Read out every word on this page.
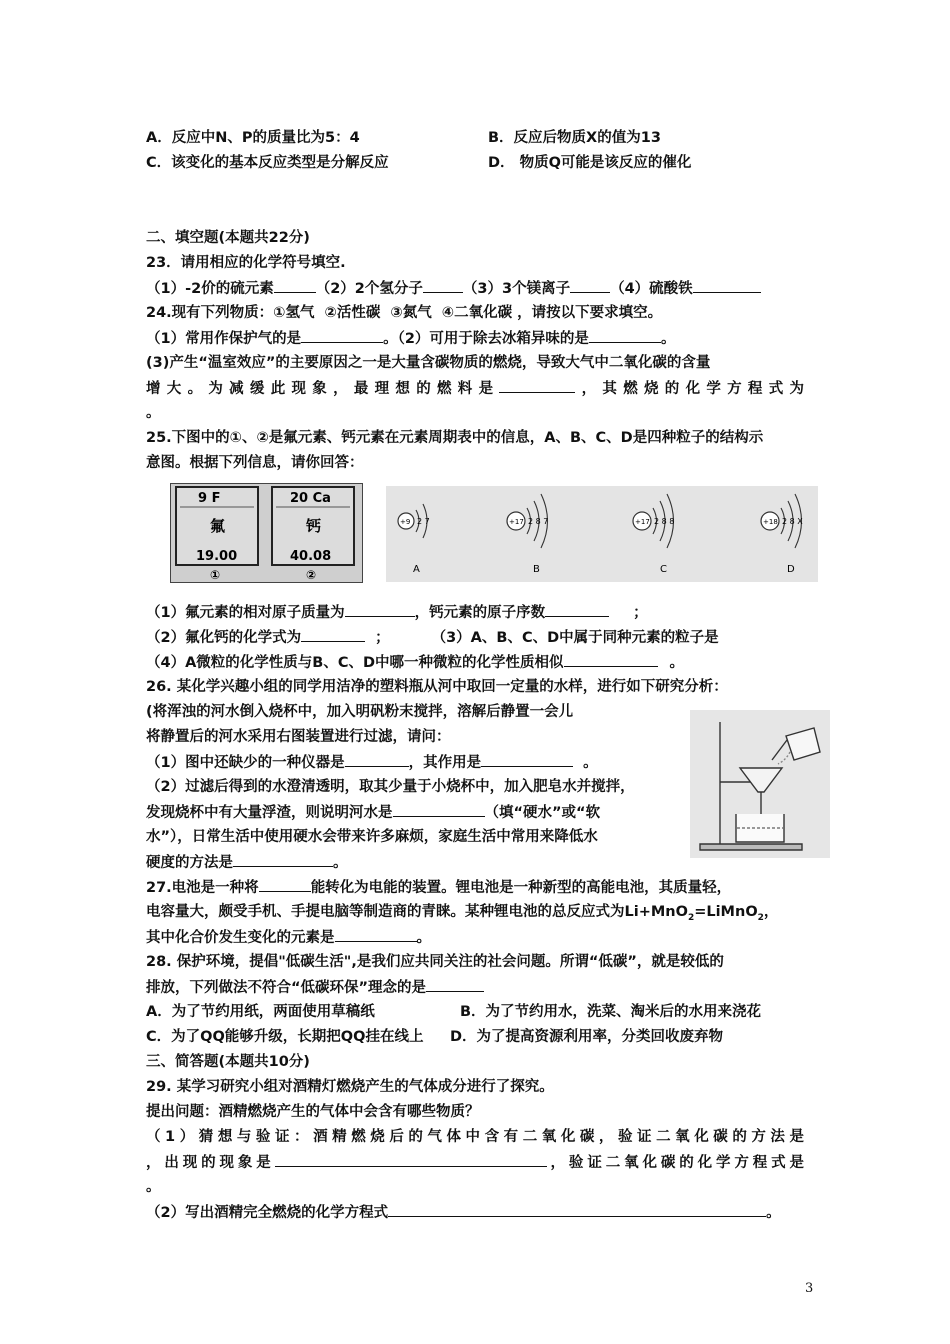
A．反应中N、P的质量比为5：4	B．反应后物质X的值为13
C．该变化的基本反应类型是分解反应	D． 物质Q可能是该反应的催化
二、填空题(本题共22分)
23．请用相应的化学符号填空.
（1）-2价的硫元素	（2）2个氢分子	（3）3个镁离子	（4）硫酸铁
24.现有下列物质：①氢气  ②活性碳  ③氮气  ④二氧化碳 ，请按以下要求填空。
（1）常用作保护气的是	。（2）可用于除去冰箱异味的是	。
(3)产生“温室效应”的主要原因之一是大量含碳物质的燃烧，导致大气中二氧化碳的含量
增大。为减缓此现象，最理想的燃料是	，其燃烧的化学方程式为
。
25.下图中的①、②是氟元素、钙元素在元素周期表中的信息，A、B、C、D是四种粒子的结构示
意图。根据下列信息，请你回答：
9 F
氟
19.00
①
20 Ca
钙
40.08
②
+9 2 7
A
+17 2 8 7
B
+17 2 8 8
C
+18 2 8 X
D
（1）氟元素的相对原子质量为	，钙元素的原子序数	；
（2）氟化钙的化学式为	；	（3）A、B、C、D中属于同种元素的粒子是
（4）A微粒的化学性质与B、C、D中哪一种微粒的化学性质相似	。
26. 某化学兴趣小组的同学用洁净的塑料瓶从河中取回一定量的水样，进行如下研究分析：
(将浑浊的河水倒入烧杯中，加入明矾粉末搅拌，溶解后静置一会儿
将静置后的河水采用右图装置进行过滤，请问：
（1）图中还缺少的一种仪器是	，其作用是	。
（2）过滤后得到的水澄清透明，取其少量于小烧杯中，加入肥皂水并搅拌，
发现烧杯中有大量浮渣，则说明河水是	（填“硬水”或“软
水”），日常生活中使用硬水会带来许多麻烦，家庭生活中常用来降低水
硬度的方法是	。
27.电池是一种将	能转化为电能的装置。锂电池是一种新型的高能电池，其质量轻，
电容量大，颇受手机、手提电脑等制造商的青睐。某种锂电池的总反应式为Li+MnO$_2$=LiMnO$_2$，
其中化合价发生变化的元素是	。
28. 保护环境，提倡"低碳生活",是我们应共同关注的社会问题。所谓“低碳”，就是较低的
排放，下列做法不符合“低碳环保”理念的是
A．为了节约用纸，两面使用草稿纸	B．为了节约用水，洗菜、淘米后的水用来浇花
C．为了QQ能够升级，长期把QQ挂在线上 D．为了提高资源利用率，分类回收废弃物
三、简答题(本题共10分)
29. 某学习研究小组对酒精灯燃烧产生的气体成分进行了探究。
提出问题：酒精燃烧产生的气体中会含有哪些物质？
（1）猜想与验证：酒精燃烧后的气体中含有二氧化碳，验证二氧化碳的方法是
，出现的现象是	，验证二氧化碳的化学方程式是
。
（2）写出酒精完全燃烧的化学方程式	。
3
